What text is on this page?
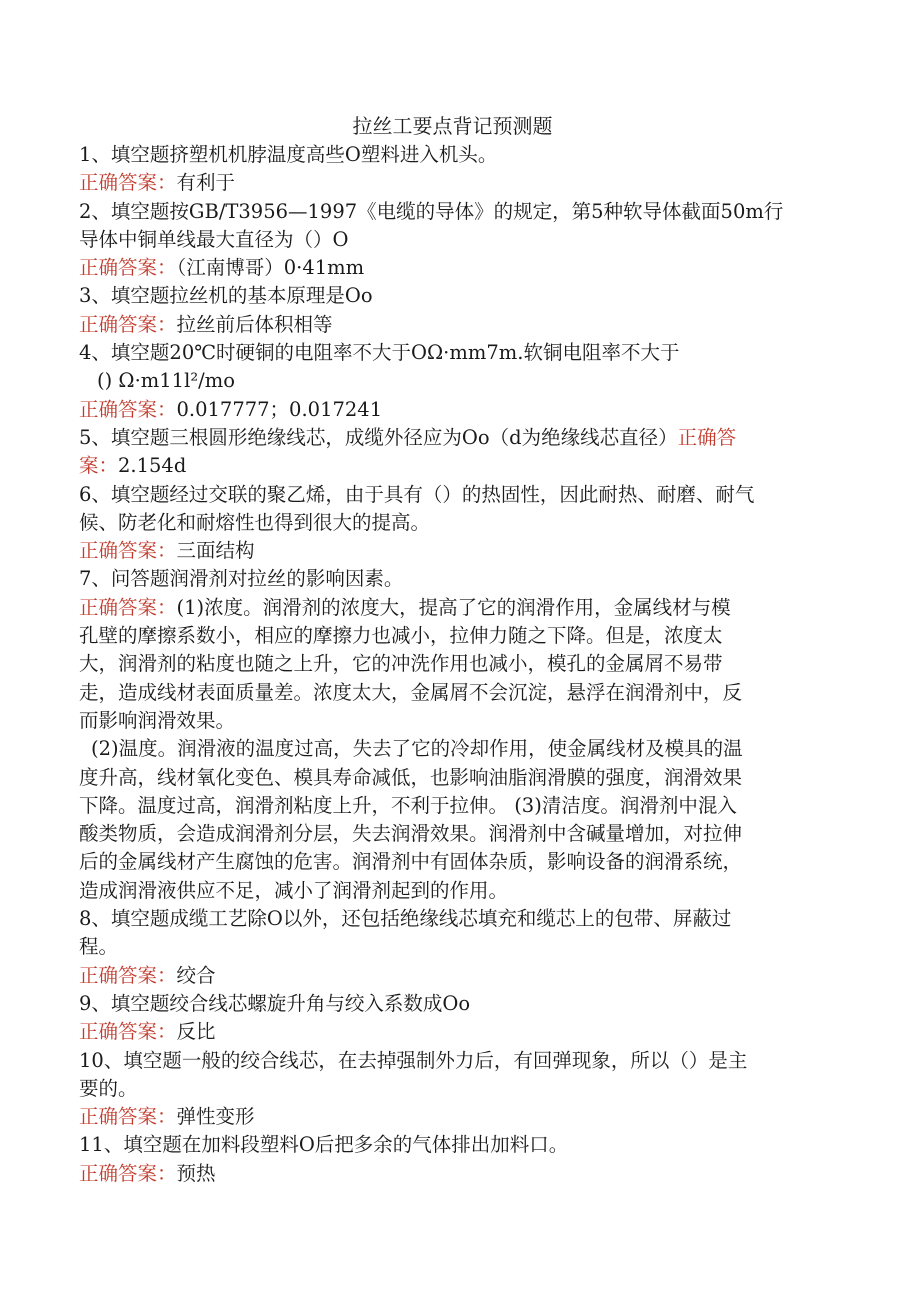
拉丝工要点背记预测题

1、填空题挤塑机机脖温度高些O塑料进入机头。

正确答案：有利于

2、填空题按GB/T3956—1997《电缆的导体》的规定，第5种软导体截面50m行

导体中铜单线最大直径为（）O

正确答案：（江南博哥）0·41mm

3、填空题拉丝机的基本原理是Oo

正确答案：拉丝前后体积相等

4、填空题20℃时硬铜的电阻率不大于OΩ·mm7m.软铜电阻率不大于

() Ω·m11l²/mo

正确答案：0.017777；0.017241

5、填空题三根圆形绝缘线芯，成缆外径应为Oo（d为绝缘线芯直径）正确答

案：2.154d

6、填空题经过交联的聚乙烯，由于具有（）的热固性，因此耐热、耐磨、耐气

候、防老化和耐熔性也得到很大的提高。

正确答案：三面结构

7、问答题润滑剂对拉丝的影响因素。

正确答案：(1)浓度。润滑剂的浓度大，提高了它的润滑作用，金属线材与模

孔壁的摩擦系数小，相应的摩擦力也减小，拉伸力随之下降。但是，浓度太

大，润滑剂的粘度也随之上升，它的冲洗作用也减小，模孔的金属屑不易带

走，造成线材表面质量差。浓度太大，金属屑不会沉淀，悬浮在润滑剂中，反

而影响润滑效果。

(2)温度。润滑液的温度过高，失去了它的冷却作用，使金属线材及模具的温

度升高，线材氧化变色、模具寿命减低，也影响油脂润滑膜的强度，润滑效果

下降。温度过高，润滑剂粘度上升，不利于拉伸。 (3)清洁度。润滑剂中混入

酸类物质，会造成润滑剂分层，失去润滑效果。润滑剂中含碱量增加，对拉伸

后的金属线材产生腐蚀的危害。润滑剂中有固体杂质，影响设备的润滑系统，

造成润滑液供应不足，减小了润滑剂起到的作用。

8、填空题成缆工艺除O以外，还包括绝缘线芯填充和缆芯上的包带、屏蔽过

程。

正确答案：绞合

9、填空题绞合线芯螺旋升角与绞入系数成Oo

正确答案：反比

10、填空题一般的绞合线芯，在去掉强制外力后，有回弹现象，所以（）是主

要的。

正确答案：弹性变形

11、填空题在加料段塑料O后把多余的气体排出加料口。

正确答案：预热
